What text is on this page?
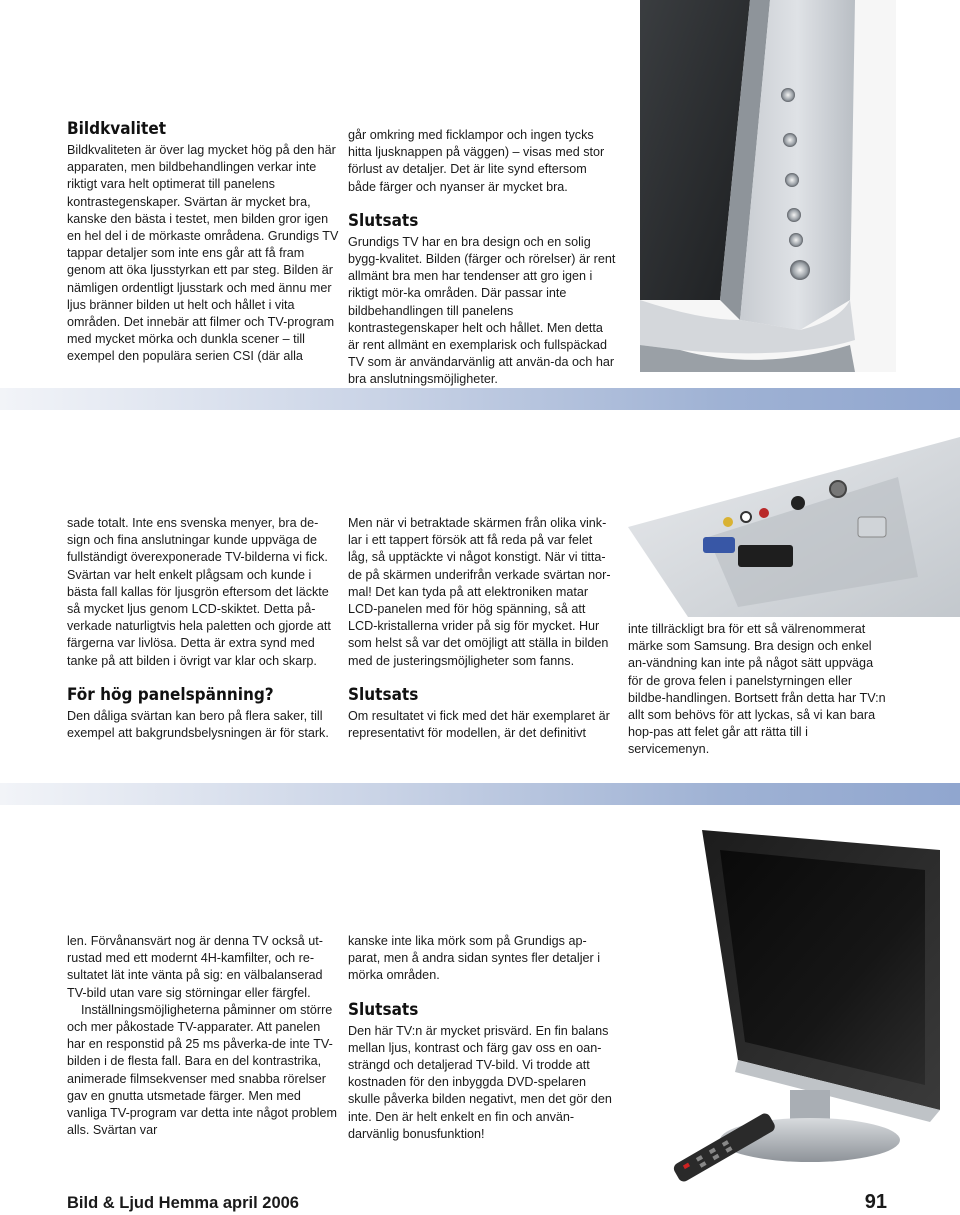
Bildkvalitet

Bildkvaliteten är över lag mycket hög på den här apparaten, men bildbehandlingen verkar inte riktigt vara helt optimerat till panelens kontrastegenskaper. Svärtan är mycket bra, kanske den bästa i testet, men bilden gror igen en hel del i de mörkaste områdena. Grundigs TV tappar detaljer som inte ens går att få fram genom att öka ljusstyrkan ett par steg. Bilden är nämligen ordentligt ljusstark och med ännu mer ljus bränner bilden ut helt och hållet i vita områden. Det innebär att filmer och TV-program med mycket mörka och dunkla scener – till exempel den populära serien CSI (där alla

går omkring med ficklampor och ingen tycks hitta ljusknappen på väggen) – visas med stor förlust av detaljer. Det är lite synd eftersom både färger och nyanser är mycket bra.

Slutsats

Grundigs TV har en bra design och en solig bygg-kvalitet. Bilden (färger och rörelser) är rent allmänt bra men har tendenser att gro igen i riktigt mör-ka områden. Där passar inte bildbehandlingen till panelens kontrastegenskaper helt och hållet. Men detta är rent allmänt en exemplarisk och fullspäckad TV som är användarvänlig att använ-da och har bra anslutningsmöjligheter.

sade totalt. Inte ens svenska menyer, bra de-sign och fina anslutningar kunde uppväga de fullständigt överexponerade TV-bilderna vi fick. Svärtan var helt enkelt plågsam och kunde i bästa fall kallas för ljusgrön eftersom det läckte så mycket ljus genom LCD-skiktet. Detta på-verkade naturligtvis hela paletten och gjorde att färgerna var livlösa. Detta är extra synd med tanke på att bilden i övrigt var klar och skarp.

För hög panelspänning?

Den dåliga svärtan kan bero på flera saker, till exempel att bakgrundsbelysningen är för stark.

Men när vi betraktade skärmen från olika vink-lar i ett tappert försök att få reda på var felet låg, så upptäckte vi något konstigt. När vi titta-de på skärmen underifrån verkade svärtan nor-mal! Det kan tyda på att elektroniken matar LCD-panelen med för hög spänning, så att LCD-kristallerna vrider på sig för mycket. Hur som helst så var det omöjligt att ställa in bilden med de justeringsmöjligheter som fanns.

Slutsats

Om resultatet vi fick med det här exemplaret är representativt för modellen, är det definitivt

inte tillräckligt bra för ett så välrenommerat märke som Samsung. Bra design och enkel an-vändning kan inte på något sätt uppväga för de grova felen i panelstyrningen eller bildbe-handlingen. Bortsett från detta har TV:n allt som behövs för att lyckas, så vi kan bara hop-pas att felet går att rätta till i servicemenyn.

len. Förvånansvärt nog är denna TV också ut-rustad med ett modernt 4H-kamfilter, och re-sultatet lät inte vänta på sig: en välbalanserad TV-bild utan vare sig störningar eller färgfel.

Inställningsmöjligheterna påminner om större och mer påkostade TV-apparater. Att panelen har en responstid på 25 ms påverka-de inte TV-bilden i de flesta fall. Bara en del kontrastrika, animerade filmsekvenser med snabba rörelser gav en gnutta utsmetade färger. Men med vanliga TV-program var detta inte något problem alls. Svärtan var

kanske inte lika mörk som på Grundigs ap-parat, men å andra sidan syntes fler detaljer i mörka områden.

Slutsats

Den här TV:n är mycket prisvärd. En fin balans mellan ljus, kontrast och färg gav oss en oan-strängd och detaljerad TV-bild. Vi trodde att kostnaden för den inbyggda DVD-spelaren skulle påverka bilden negativt, men det gör den inte. Den är helt enkelt en fin och använ-darvänlig bonusfunktion!

Bild & Ljud Hemma april 2006	91
